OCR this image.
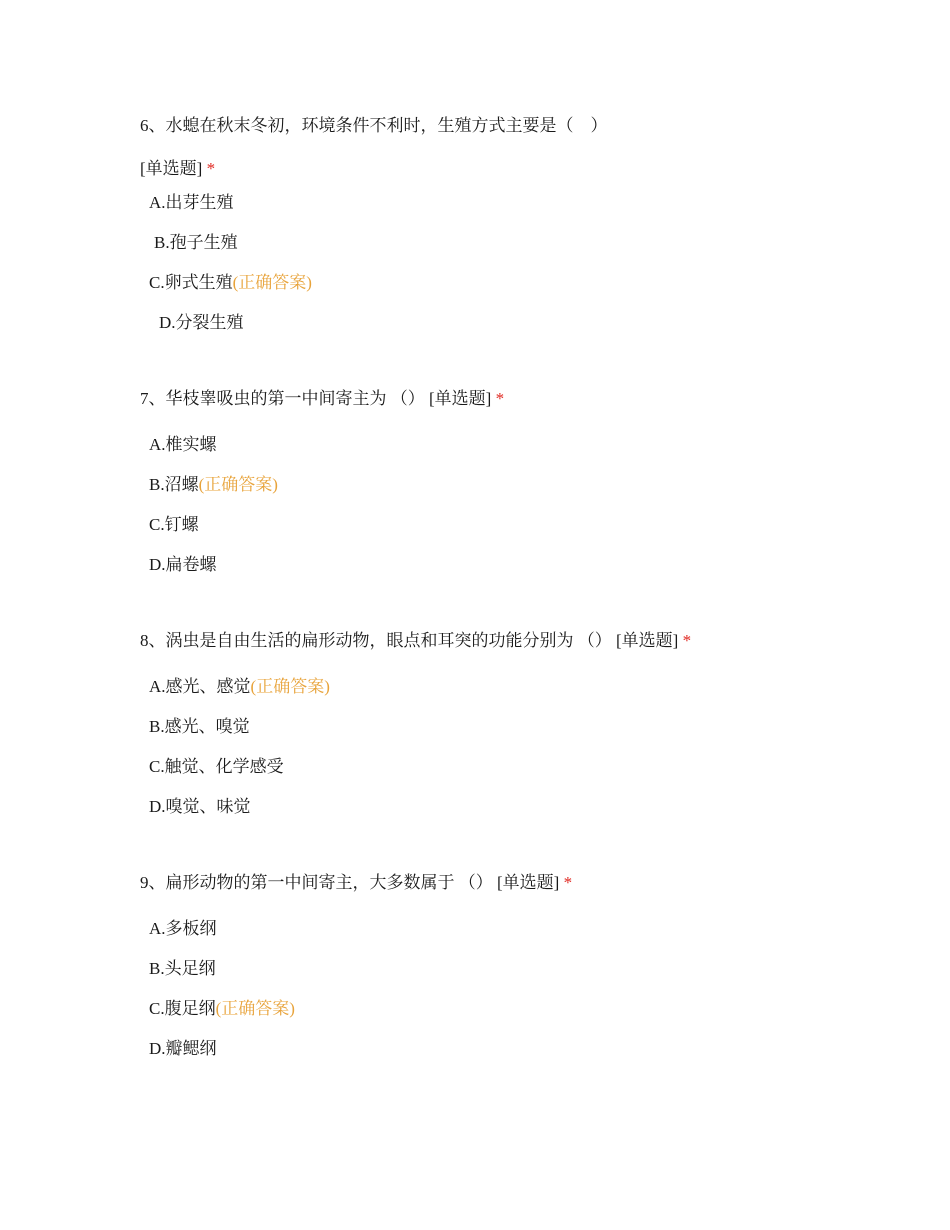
6、水螅在秋末冬初，环境条件不利时，生殖方式主要是（　）
[单选题] *
A.出芽生殖
B.孢子生殖
C.卵式生殖(正确答案)
D.分裂生殖
7、华枝睾吸虫的第一中间寄主为 （） [单选题] *
A.椎实螺
B.沼螺(正确答案)
C.钉螺
D.扁卷螺
8、涡虫是自由生活的扁形动物，眼点和耳突的功能分别为 （） [单选题] *
A.感光、感觉(正确答案)
B.感光、嗅觉
C.触觉、化学感受
D.嗅觉、味觉
9、扁形动物的第一中间寄主，大多数属于 （） [单选题] *
A.多板纲
B.头足纲
C.腹足纲(正确答案)
D.瓣鳃纲
